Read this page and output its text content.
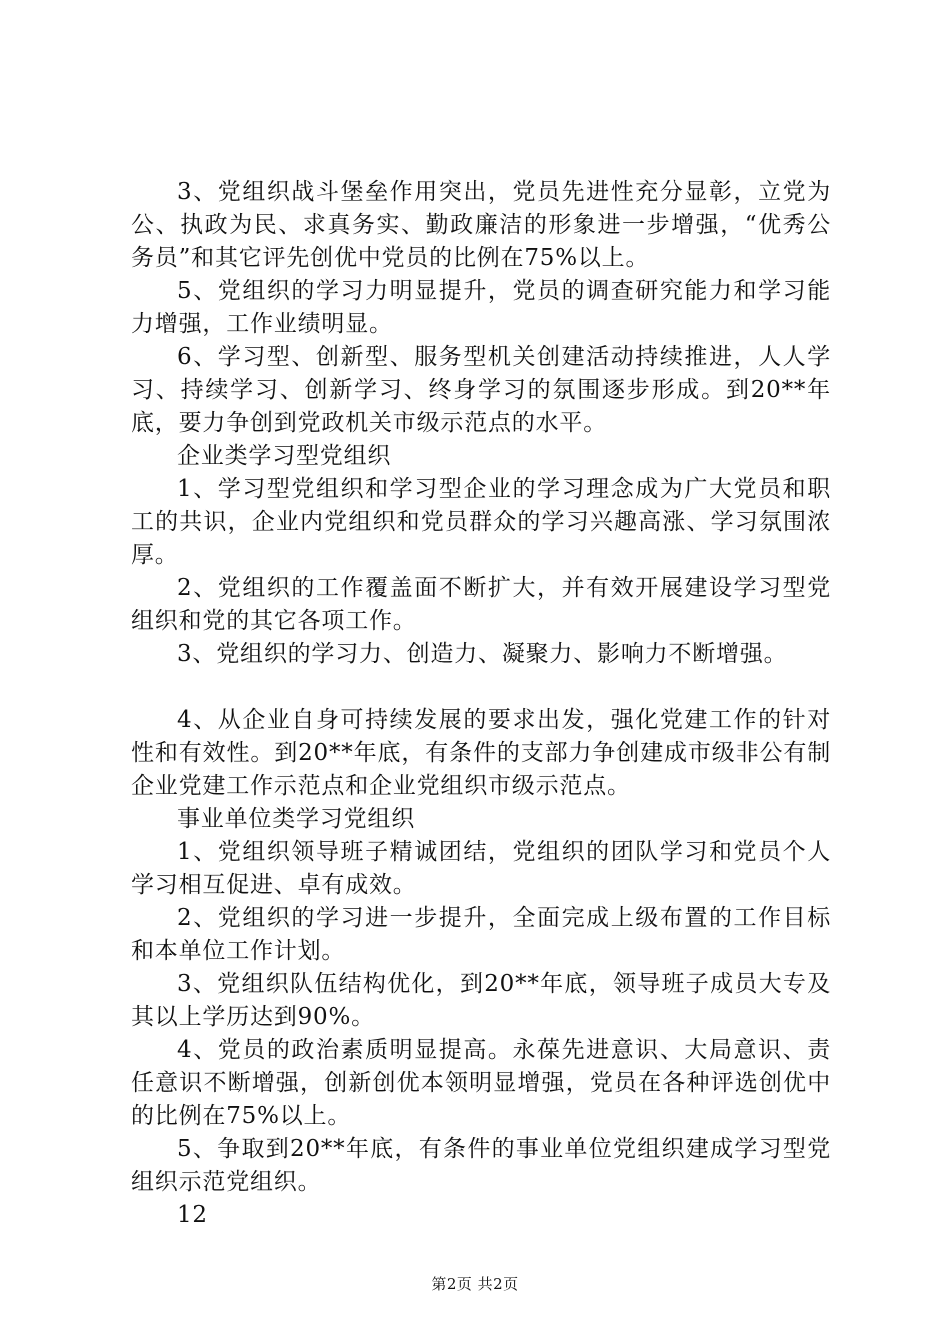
3、党组织战斗堡垒作用突出，党员先进性充分显彰，立党为公、执政为民、求真务实、勤政廉洁的形象进一步增强，“优秀公务员”和其它评先创优中党员的比例在75%以上。

5、党组织的学习力明显提升，党员的调查研究能力和学习能力增强，工作业绩明显。

6、学习型、创新型、服务型机关创建活动持续推进，人人学习、持续学习、创新学习、终身学习的氛围逐步形成。到20**年底，要力争创到党政机关市级示范点的水平。

企业类学习型党组织

1、学习型党组织和学习型企业的学习理念成为广大党员和职工的共识，企业内党组织和党员群众的学习兴趣高涨、学习氛围浓厚。

2、党组织的工作覆盖面不断扩大，并有效开展建设学习型党组织和党的其它各项工作。

3、党组织的学习力、创造力、凝聚力、影响力不断增强。

4、从企业自身可持续发展的要求出发，强化党建工作的针对性和有效性。到20**年底，有条件的支部力争创建成市级非公有制企业党建工作示范点和企业党组织市级示范点。

事业单位类学习党组织

1、党组织领导班子精诚团结，党组织的团队学习和党员个人学习相互促进、卓有成效。

2、党组织的学习进一步提升，全面完成上级布置的工作目标和本单位工作计划。

3、党组织队伍结构优化，到20**年底，领导班子成员大专及其以上学历达到90%。

4、党员的政治素质明显提高。永葆先进意识、大局意识、责任意识不断增强，创新创优本领明显增强，党员在各种评选创优中的比例在75%以上。

5、争取到20**年底，有条件的事业单位党组织建成学习型党组织示范党组织。

12

第2页 共2页
